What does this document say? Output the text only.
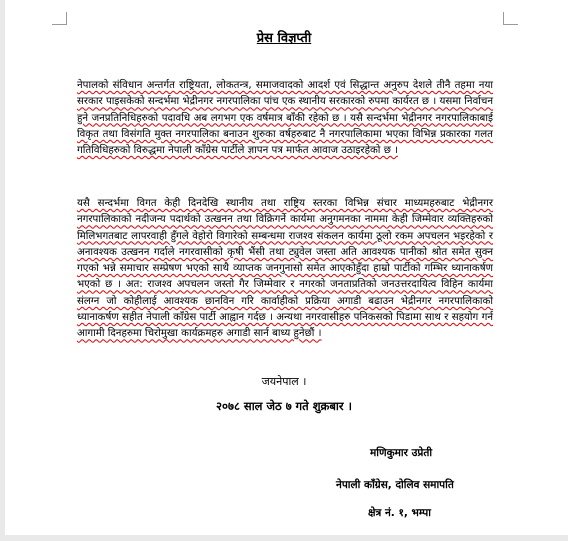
प्रेस विज्ञप्ती
नेपालको संविधान अन्तर्गत राष्ट्रियता, लोकतन्त्र, समाजवादको आदर्श एवं सिद्धान्त अनुरुप देशले तीनै तहमा नया सरकार पाइसकेको सन्दर्भमा भेद्रीनगर नगरपालिका पांच एक स्थानीय सरकारको रुपमा कार्यरत छ । यसमा निर्वाचन हुने जनप्रतिनिधिहरुको पदावधि अब लगभग एक वर्षमात्र बाँकी रहेको छ । यसै सन्दर्भमा भेद्रीनगर नगरपालिकाबाई विकृत तथा विसंगति मुक्त नगरपालिका बनाउन शुरुका वर्षहरुबाट नै नगरपालिकामा भएका विभिन्न प्रकारका गलत गतिविधिहरुको विरुद्धमा नेपाली काँग्रेस पार्टीले ज्ञापन पत्र मार्फत आवाज उठाइरहेको छ ।
यसै सन्दर्भमा विगत केही दिनदेखि स्थानीय तथा राष्ट्रिय स्तरका विभिन्न संचार माध्यमहरुबाट भेद्रीनगर नगरपालिकाको नदीजन्य पदार्थको उत्खनन तथा विक्रिगर्ने कार्यमा अनुगमनका नाममा केही जिम्मेवार व्यक्तिहरुको मिलिभगतबाट लापरवाही हुँगले वेहोरो विगारेको सम्बन्धमा राजश्व संकलन कार्यमा ठूलो रकम अपचलन भइरहेको र अनावश्यक उत्खनन गर्दाले नगरवासीको कृषी भैंसी तथा ट्युवेल जस्ता अति आवश्यक पानीको श्रोत समेत सुक्न गएको भन्ने समाचार सम्प्रेषण भएको साथै व्याप्तक जनगुनासो समेत आएकोहुँदा हाम्रो पार्टीको गम्भिर ध्यानाकर्षण भएको छ । अत: राजश्व अपचलन जस्तो गैर जिम्मेवार र नगरको जनताप्रतिको जनउत्तरदायित्व विहिन कार्यमा संलग्न जो कोहीलाई आवश्यक छानविन गरि कार्वाहीको प्रक्रिया अगाडी बढाउन भेद्रीनगर नगरपालिकाको ध्यानाकर्षण सहीत नेपाली काँग्रेस पार्टी आह्वान गर्दछ । अन्यथा नगरवासीहरु पनिकसको पिडामा साथ र सहयोग गर्न आगामी दिनहरुमा चिरोमुखा कार्यक्रमहरु अगाडी सार्न बाध्य हुनेछौं ।
जयनेपाल ।
२०७८ साल जेठ ७ गते शुक्रबार ।
मणिकुमार उप्रेती
नेपाली काँग्रेस, दोलिव समापति
क्षेत्र नं. १, भम्पा
